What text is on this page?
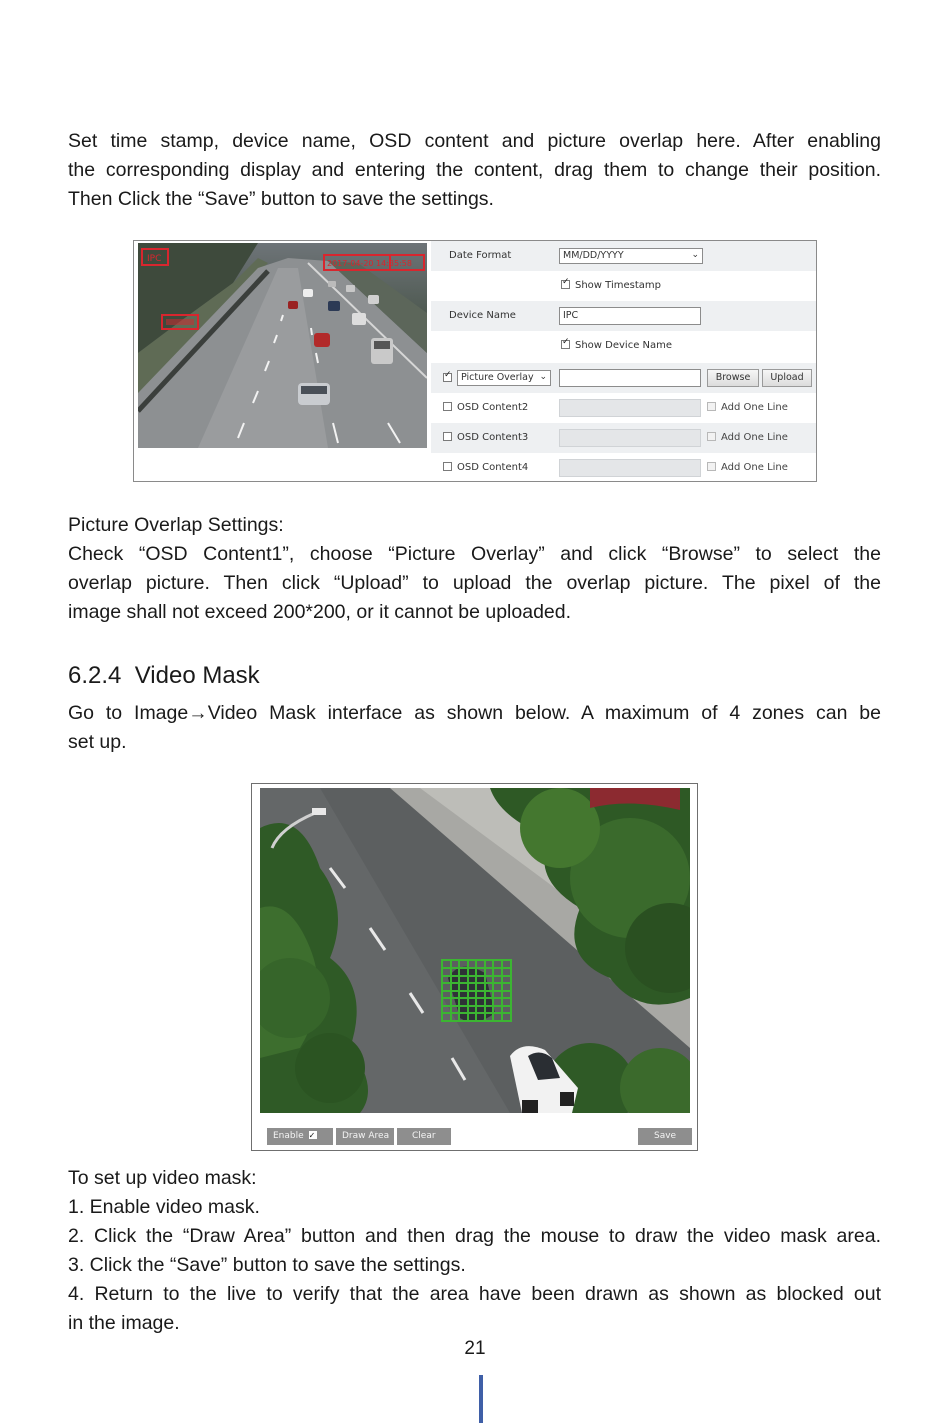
Set time stamp, device name, OSD content and picture overlap here. After enabling
the corresponding display and entering the content, drag them to change their position.
Then Click the “Save” button to save the settings.
IPC	2017-04-20 14:35:58
Date Format	MM/DD/YYYY	⌄
✓Show Timestamp
Device Name	IPC
✓Show Device Name
✓
Picture Overlay ⌄	Browse	Upload
OSD Content2	Add One Line
OSD Content3	Add One Line
OSD Content4	Add One Line
Picture Overlap Settings:
Check “OSD Content1”, choose “Picture Overlay” and click “Browse” to select the
overlap picture. Then click “Upload” to upload the overlap picture. The pixel of the
image shall not exceed 200*200, or it cannot be uploaded.
6.2.4  Video Mask
Go to Image→Video Mask interface as shown below. A maximum of 4 zones can be
set up.
Enable✓	Draw Area	Clear	Save
To set up video mask:
1. Enable video mask.
2. Click the “Draw Area” button and then drag the mouse to draw the video mask area.
3. Click the “Save” button to save the settings.
4. Return to the live to verify that the area have been drawn as shown as blocked out
in the image.
21
